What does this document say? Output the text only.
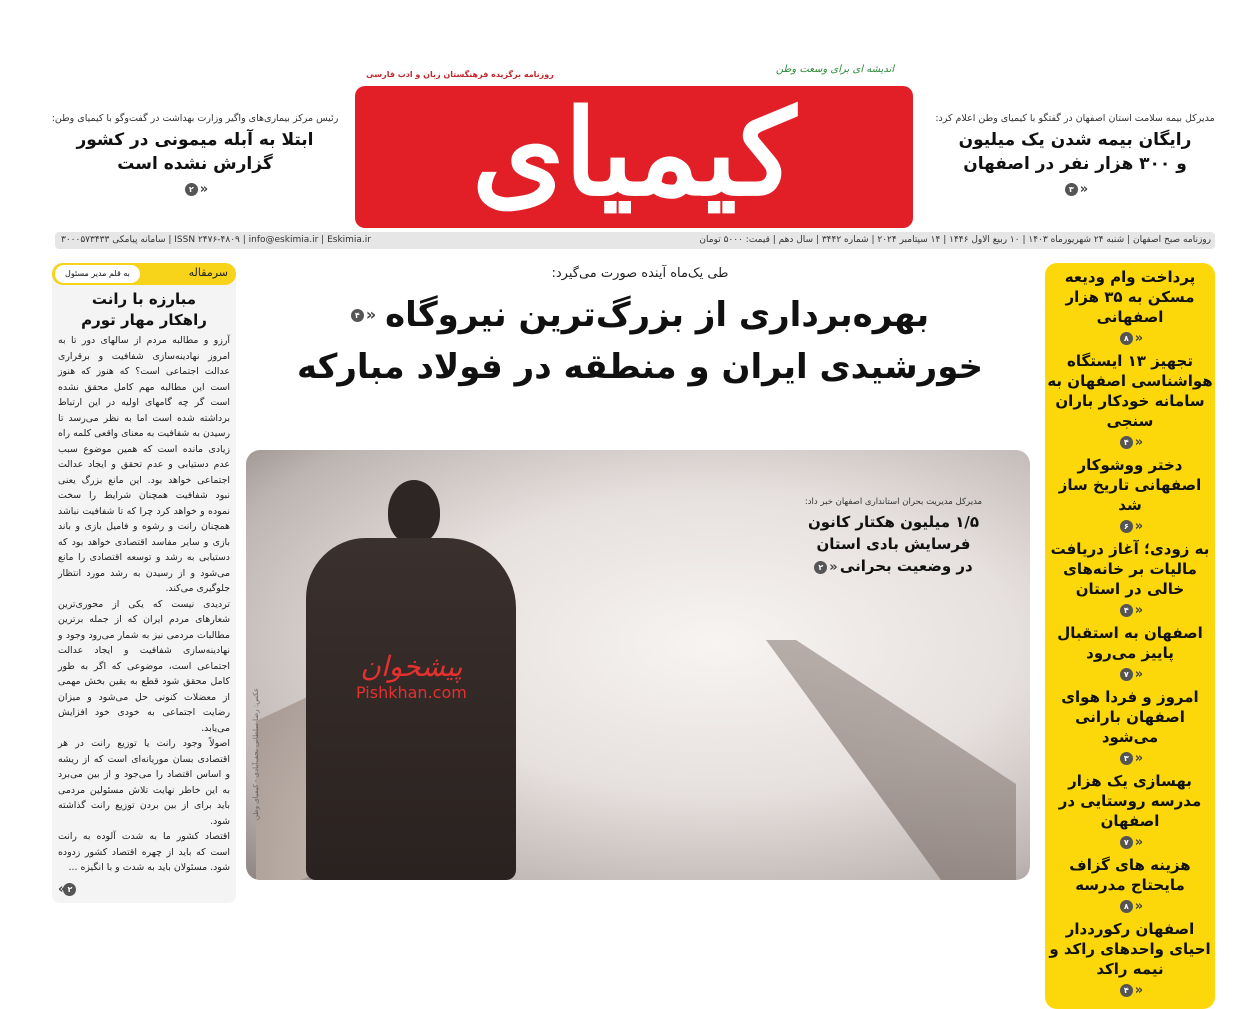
روزنامه برگزیده فرهنگستان زبان و ادب فارسی	اندیشه ای برای وسعت وطن
کیمیای
رئیس مرکز بیماری‌های واگیر وزارت بهداشت در گفت‌وگو با کیمیای وطن:
ابتلا به آبله میمونی در کشور
گزارش نشده است
«۲
مدیرکل بیمه سلامت استان اصفهان در گفتگو با کیمیای وطن اعلام کرد:
رایگان بیمه شدن یک میلیون
و ۳۰۰ هزار نفر در اصفهان
«۳
روزنامه صبح اصفهان | شنبه ۲۴ شهریورماه ۱۴۰۳ | ۱۰ ربیع الاول ۱۴۴۶ | ۱۴ سپتامبر ۲۰۲۴ | شماره ۳۴۴۲ | سال دهم | قیمت: ۵۰۰۰ تومان
ISSN ۲۴۷۶-۴۸۰۹ | info@eskimia.ir | Eskimia.ir | سامانه پیامکی ۳۰۰۰۵۷۳۴۳۳
سرمقاله
به قلم مدیر مسئول
مبارزه با رانت
راهکار مهار تورم

آرزو و مطالبه مردم از سالهای دور تا به امروز نهادینه‌سازی شفافیت و برقراری عدالت اجتماعی است؟ که هنوز که هنوز است این مطالبه مهم کامل محقق نشده است گر چه گامهای اولیه در این ارتباط برداشته شده است اما به نظر می‌رسد تا رسیدن به شفافیت به معنای واقعی کلمه راه زیادی مانده است که همین موضوع سبب عدم دستیابی و عدم تحقق و ایجاد عدالت اجتماعی خواهد بود. این مانع بزرگ یعنی نبود شفافیت همچنان شرایط را سخت نموده و خواهد کرد چرا که تا شفافیت نباشد همچنان رانت و رشوه و فامیل بازی و باند بازی و سایر مفاسد اقتصادی خواهد بود که دستیابی به رشد و توسعه اقتصادی را مانع می‌شود و از رسیدن به رشد مورد انتظار جلوگیری می‌کند.

تردیدی نیست که یکی از محوری‌ترین شعارهای مردم ایران که از جمله برترین مطالبات مردمی نیز به شمار می‌رود وجود و نهادینه‌سازی شفافیت و ایجاد عدالت اجتماعی است، موضوعی که اگر به طور کامل محقق شود قطع به یقین بخش مهمی از معضلات کنونی حل می‌شود و میزان رضایت اجتماعی به خودی خود افزایش می‌یابد.

اصولاً وجود رانت یا توزیع رانت در هر اقتصادی بسان موریانه‌ای است که از ریشه و اساس اقتصاد را می‌جود و از بین می‌برد به این خاطر نهایت تلاش مسئولین مردمی باید برای از بین بردن توزیع رانت گذاشته شود.

اقتصاد کشور ما به شدت آلوده به رانت است که باید از چهره اقتصاد کشور زدوده شود. مسئولان باید به شدت و با انگیزه ...

« ۲
طی یک‌ماه آینده صورت می‌گیرد:
بهره‌برداری از بزرگ‌ترین نیروگاه «۴
خورشیدی ایران و منطقه در فولاد مبارکه
عکس: رضا سلطانی نجف‌آبادی - کیمیای وطن
پیشخوان
Pishkhan.com
مدیرکل مدیریت بحران استانداری اصفهان خبر داد:
۱/۵ میلیون هکتار کانون
فرسایش بادی استان
در وضعیت بحرانی «۲
پرداخت وام ودیعه مسکن به ۳۵ هزار اصفهانی
«۸
تجهیز ۱۳ ایستگاه هواشناسی اصفهان به سامانه خودکار باران سنجی
«۴
دختر ووشوکار اصفهانی تاریخ ساز شد
«۶
به زودی؛ آغاز دریافت مالیات بر خانه‌های خالی در استان
«۴
اصفهان به استقبال پاییز می‌رود
«۷
امروز و فردا هوای اصفهان بارانی می‌شود
«۳
بهسازی یک هزار مدرسه روستایی در اصفهان
«۷
هزینه های گزاف مایحتاج مدرسه
«۸
اصفهان رکورددار احیای واحدهای راکد و نیمه راکد
«۴
